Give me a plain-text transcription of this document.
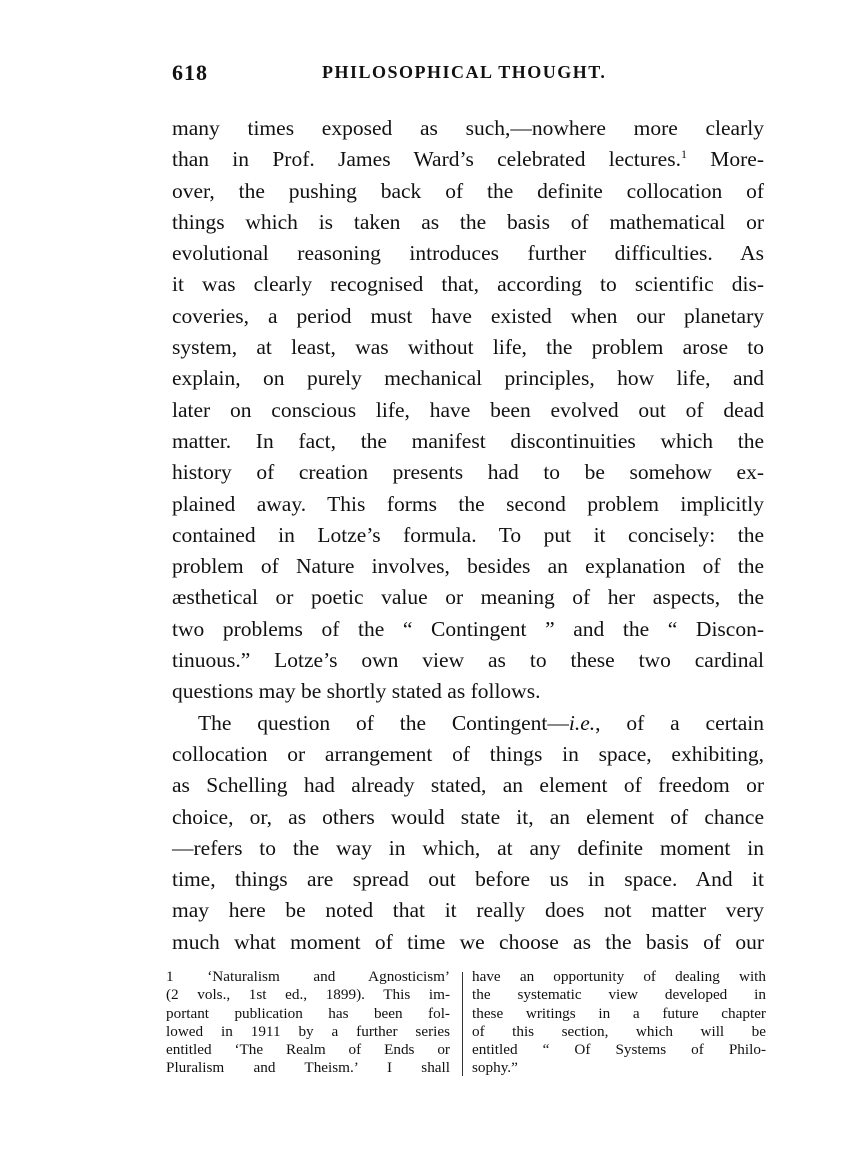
618	PHILOSOPHICAL THOUGHT.
many times exposed as such,—nowhere more clearly
than in Prof. James Ward’s celebrated lectures.$^1$ More-
over, the pushing back of the definite collocation of
things which is taken as the basis of mathematical or
evolutional reasoning introduces further difficulties. As
it was clearly recognised that, according to scientific dis-
coveries, a period must have existed when our planetary
system, at least, was without life, the problem arose to
explain, on purely mechanical principles, how life, and
later on conscious life, have been evolved out of dead
matter. In fact, the manifest discontinuities which the
history of creation presents had to be somehow ex-
plained away. This forms the second problem implicitly
contained in Lotze’s formula. To put it concisely: the
problem of Nature involves, besides an explanation of the
æsthetical or poetic value or meaning of her aspects, the
two problems of the “ Contingent ” and the “ Discon-
tinuous.” Lotze’s own view as to these two cardinal
questions may be shortly stated as follows.
The question of the Contingent—i.e., of a certain
collocation or arrangement of things in space, exhibiting,
as Schelling had already stated, an element of freedom or
choice, or, as others would state it, an element of chance
—refers to the way in which, at any definite moment in
time, things are spread out before us in space. And it
may here be noted that it really does not matter very
much what moment of time we choose as the basis of our
1 ‘Naturalism and Agnosticism’
(2 vols., 1st ed., 1899). This im-
portant publication has been fol-
lowed in 1911 by a further series
entitled ‘The Realm of Ends or
Pluralism and Theism.’ I shall
have an opportunity of dealing with
the systematic view developed in
these writings in a future chapter
of this section, which will be
entitled “ Of Systems of Philo-
sophy.”
